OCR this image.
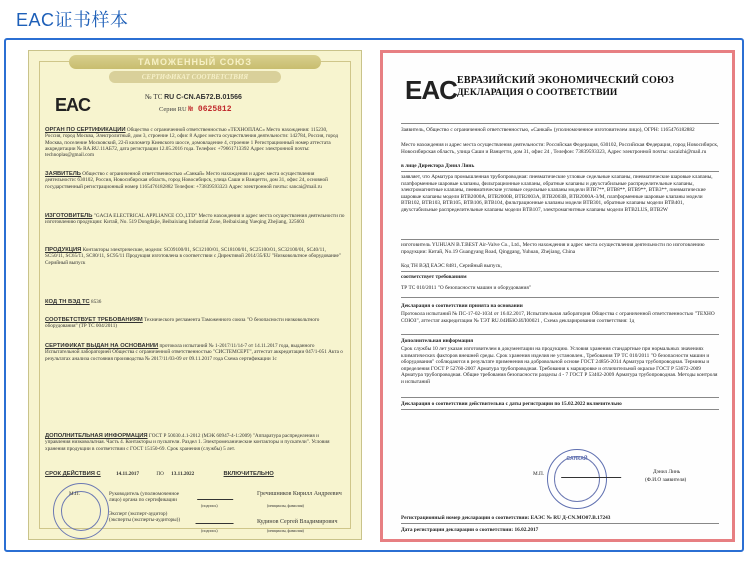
EAC证书样本
ТАМОЖЕННЫЙ СОЮЗ
СЕРТИФИКАТ СООТВЕТСТВИЯ
EAC	№ ТС RU C-CN.АБ72.В.01566
Серия RU № 0625812
ОРГАН ПО СЕРТИФИКАЦИИ Общество с ограниченной ответственностью «ТЕХНОПЛАС» Место нахождения: 115230, Россия, город Москва, Электролитный, дом 3, строение 12, офис 8 Адрес места осуществления деятельности: 142784, Россия, город Москва, поселение Московский, 22-й километр Киевского шоссе, домовладение 4, строение 1 Регистрационный номер аттестата аккредитации № RA.RU.11АБ72, дата регистрации 12.05.2016 года. Телефон: +79661713392 Адрес электронной почты: technoplas@gmail.com
ЗАЯВИТЕЛЬ Общество с ограниченной ответственностью «Санкай» Место нахождения и адрес места осуществления деятельности: 630102, Россия, Новосибирская область, город Новосибирск, улица Саши и Ванцетти, дом 31, офис 24, основной государственный регистрационный номер 1165476182882 Телефон: +73839593323 Адрес электронной почты: sancai@mail.ru
ИЗГОТОВИТЕЛЬ "GACIA ELECTRICAL APPLIANCE CO.,LTD" Место нахождения и адрес места осуществления деятельности по изготовлению продукции: Китай, No. 519 Dongdajie, Beibaixiang Industrial Zone, Beibaixiang Yueqing Zhejiang, 325603
ПРОДУКЦИЯ Контакторы электрические, модели: SC09100/01, SC12100/01, SC18100/01, SC25100/01, SC32100/01, SC40/11, SC50/11, SC65/11, SC80/11, SC95/11 Продукция изготовлена в соответствии с Директивой 2014/35/EU "Низковольтное оборудование" Серийный выпуск
КОД ТН ВЭД ТС 8536
СООТВЕТСТВУЕТ ТРЕБОВАНИЯМ Технического регламента Таможенного союза "О безопасности низковольтного оборудования" (ТР ТС 004/2011)
СЕРТИФИКАТ ВЫДАН НА ОСНОВАНИИ протокола испытаний № 1-2017/11/14-7 от 14.11.2017 года, выданного Испытательной лабораторией Общества с ограниченной ответственностью "СИСТЕМСЕРТ", аттестат аккредитации 047/1-051 Акта о результатах анализа состояния производства № 2017/11/03-09 от 09.11.2017 года Схема сертификации 1с
ДОПОЛНИТЕЛЬНАЯ ИНФОРМАЦИЯ ГОСТ Р 50030.4.1-2012 (МЭК 60947-4-1:2009) "Аппаратура распределения и управления низковольтная. Часть 4. Контакторы и пускатели. Раздел 1. Электромеханические контакторы и пускатели". Условия хранения продукции в соответствии с ГОСТ 15150-69. Срок хранения (службы) 5 лет.
СРОК ДЕЙСТВИЯ С	14.11.2017	ПО 13.11.2022	ВКЛЮЧИТЕЛЬНО
М.П.	Руководитель (уполномоченное лицо) органа по сертификации
Гречишников Кирилл Андреевич
(подпись)	(инициалы, фамилия)
Эксперт (эксперт-аудитор) (эксперты (эксперты-аудиторы))	Кудинов Сергей Владимирович
(подпись)	(инициалы, фамилия)
EAC ЕВРАЗИЙСКИЙ ЭКОНОМИЧЕСКИЙ СОЮЗ
ДЕКЛАРАЦИЯ О СООТВЕТСТВИИ
Заявитель, Общество с ограниченной ответственностью, «Санкай» (уполномоченное изготовителем лицо), ОГРН: 1165476182882
Место нахождения и адрес места осуществления деятельности: Российская Федерация, 630102, Российская Федерация, город Новосибирск, Новосибирская область, улица Саши и Ванцетти, дом 31, офис 24 , Телефон: 73839593323, Адрес электронной почты: sacaizhi@mail.ru
в лице Директора Дэнил Линь
заявляет, что Арматура промышленная трубопроводная: пневматические угловые седельные клапаны, пневматические шаровые клапаны, платформенные шаровые клапаны, фильтрационные клапаны, обратные клапаны и двухстабильные распределительные клапаны, электромагнитные клапаны, пневматические угловые седельные клапаны модели ВТВ7**, ВТВ8**, ВТВ9**, ВТВ3**, пневматические шаровые клапаны модели ВТВ2000А, ВТВ2000В, ВТВ2003А, ВТВ2003В, ВТВ2000А-3/М, платформенные шаровые клапаны модели ВТВ102, ВТВ103, ВТВ105, ВТВ106, ВТВ104, фильтрационные клапаны модели ВТВ301, обратные клапаны модели ВТВ401, двухстабильные распределительные клапаны модели ВТВ107, электромагнитные клапаны модели ВТВ2LUS, ВТВ2W
изготовитель YUHUAN B.T.BEST Air-Valve Co., Ltd., Место нахождения и адрес места осуществления деятельности по изготовлению продукции: Китай, No.19 Guangyang Road, Qinggang, Yuhuan, Zhejiang, China
Код ТН ВЭД ЕАЭС 8481, Серийный выпуск,
соответствует требованиям
ТР ТС 010/2011 "О безопасности машин и оборудования"
Декларация о соответствии принята на основании
Протокола испытаний № ПС-17-02-1034 от 16.02.2017, Испытательная лаборатория Общества с ограниченной ответственностью "ТЕХНО СОЮЗ", аттестат аккредитации № ТЭТ RU.04ИБЮ.ИЛ00021 , Схема декларирования соответствия: 1д
Дополнительная информация
Срок службы 10 лет указан изготовителем в документации на продукцию. Условия хранения стандартные при нормальных значениях климатических факторов внешней среды. Срок хранения изделия не установлен., Требования ТР ТС 010/2011 "О безопасности машин и оборудования" соблюдаются в результате применения на добровольной основе ГОСТ 24856-2014 Арматура трубопроводная. Термины и определения ГОСТ Р 52760-2007 Арматура трубопроводная. Требования к маркировке и отличительной окраске ГОСТ Р 53672-2009 Арматура трубопроводная. Общие требования безопасности разделы 4 - 7 ГОСТ Р 53402-2009 Арматура трубопроводная. Методы контроля и испытаний
Декларация о соответствии действительна с даты регистрации по 15.02.2022 включительно
САНКАЙ
М.П.	Дэнил Линь
(Ф.И.О заявителя)
Регистрационный номер декларации о соответствии: ЕАЭС № RU Д-CN.МО07.В.17243
Дата регистрации декларации о соответствии: 16.02.2017
